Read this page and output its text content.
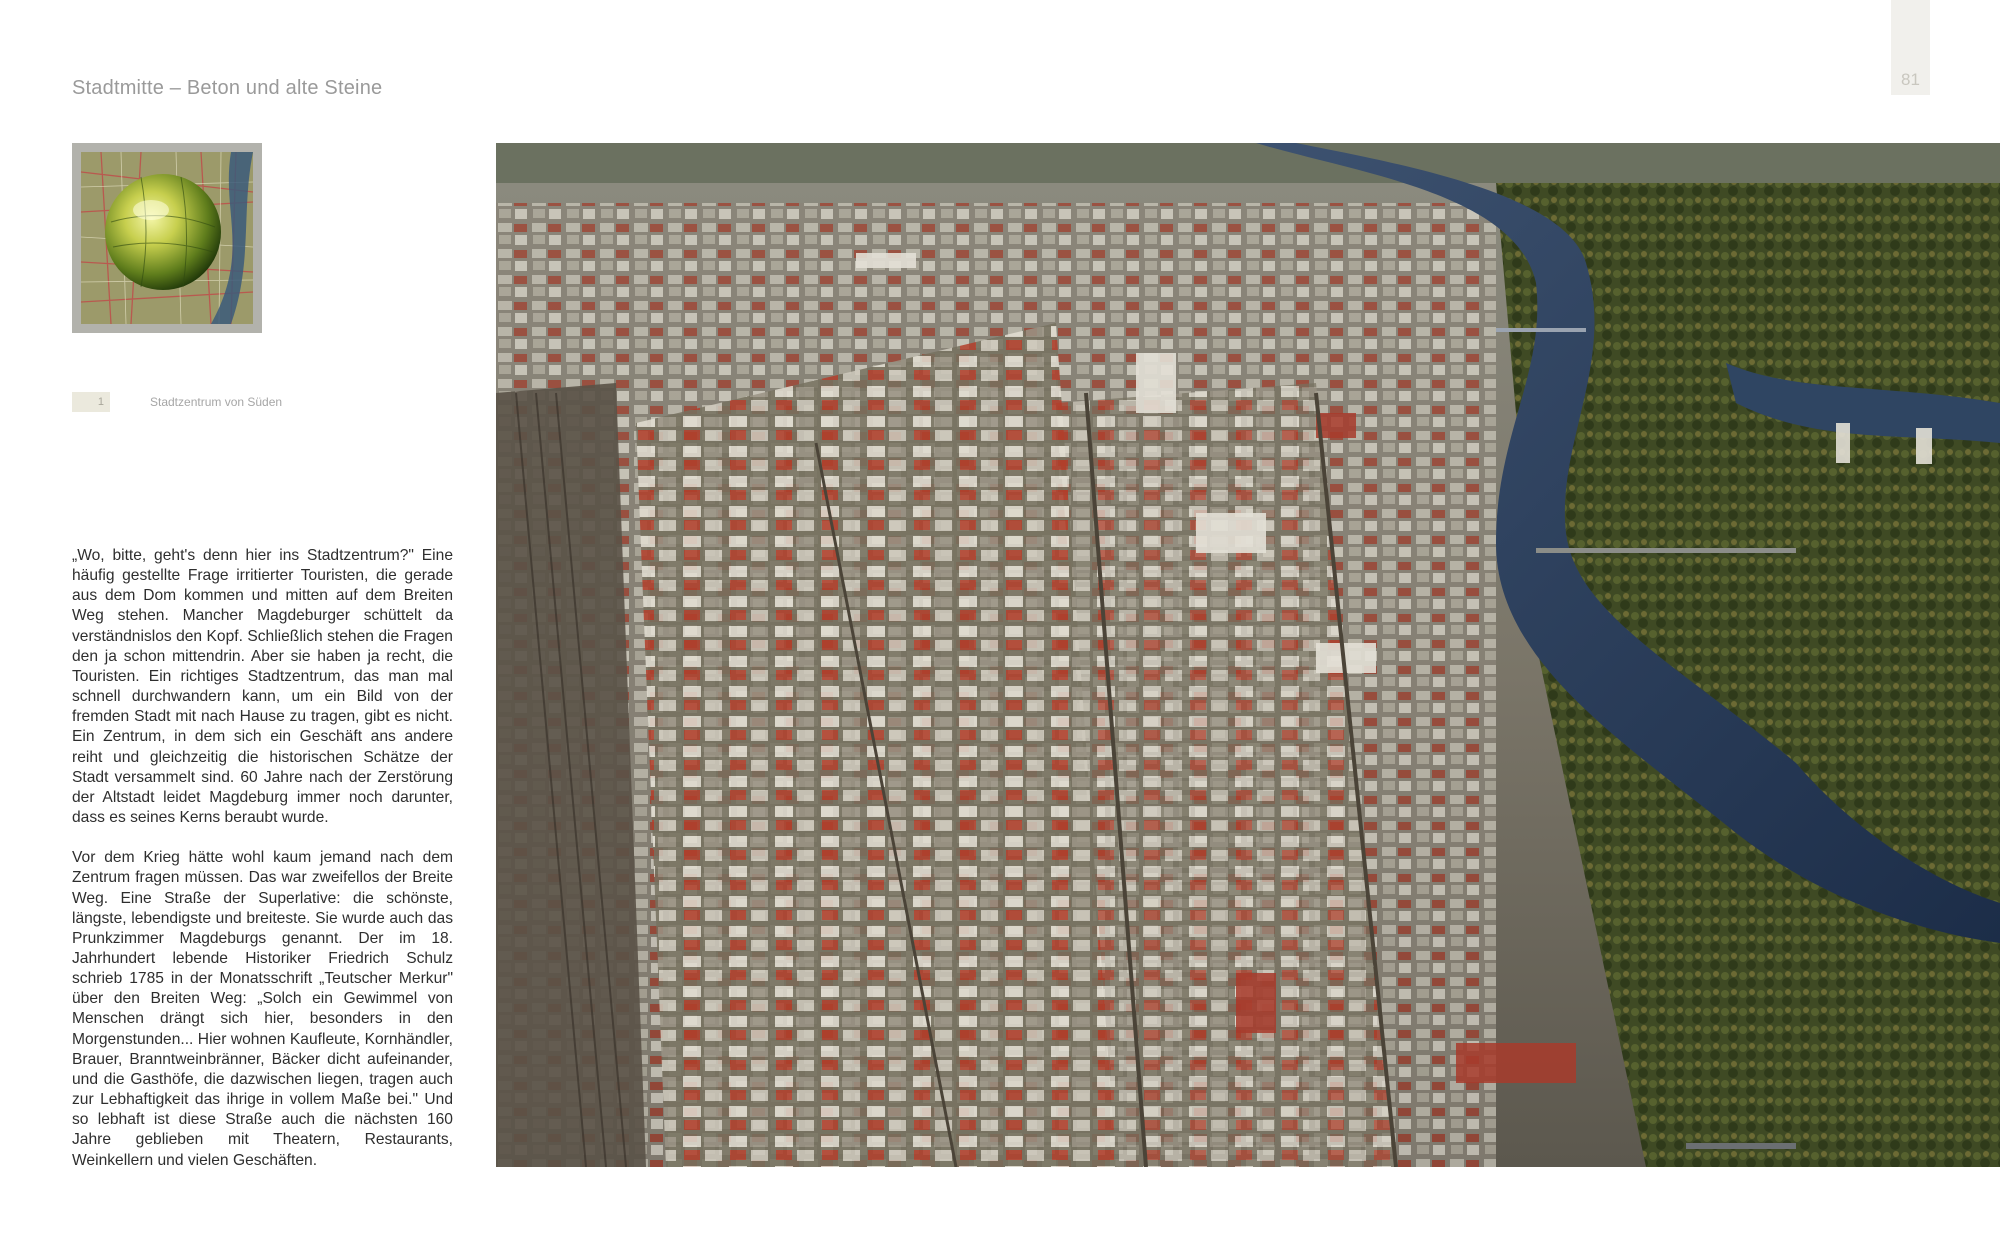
81
Stadtmitte – Beton und alte Steine
1	Stadtzentrum von Süden

„Wo, bitte, geht's denn hier ins Stadtzentrum?" Eine häufig gestellte Frage irritierter Touristen, die gerade aus dem Dom kommen und mitten auf dem Breiten Weg stehen. Mancher Magdeburger schüttelt da verständnislos den Kopf. Schließlich stehen die Fragen den ja schon mittendrin. Aber sie haben ja recht, die Touristen. Ein richtiges Stadtzentrum, das man mal schnell durchwandern kann, um ein Bild von der fremden Stadt mit nach Hause zu tragen, gibt es nicht. Ein Zentrum, in dem sich ein Geschäft ans andere reiht und gleichzeitig die historischen Schätze der Stadt versammelt sind. 60 Jahre nach der Zerstörung der Altstadt leidet Magdeburg immer noch darunter, dass es seines Kerns beraubt wurde.

Vor dem Krieg hätte wohl kaum jemand nach dem Zentrum fragen müssen. Das war zweifellos der Breite Weg. Eine Straße der Superlative: die schönste, längste, lebendigste und breiteste. Sie wurde auch das Prunkzimmer Magdeburgs genannt. Der im 18. Jahrhundert lebende Historiker Friedrich Schulz schrieb 1785 in der Monatsschrift „Teutscher Merkur" über den Breiten Weg: „Solch ein Gewimmel von Menschen drängt sich hier, besonders in den Morgenstunden... Hier wohnen Kaufleute, Kornhändler, Brauer, Branntweinbränner, Bäcker dicht aufeinander, und die Gasthöfe, die dazwischen liegen, tragen auch zur Lebhaftigkeit das ihrige in vollem Maße bei." Und so lebhaft ist diese Straße auch die nächsten 160 Jahre geblieben mit Theatern, Restaurants, Weinkellern und vielen Geschäften.
